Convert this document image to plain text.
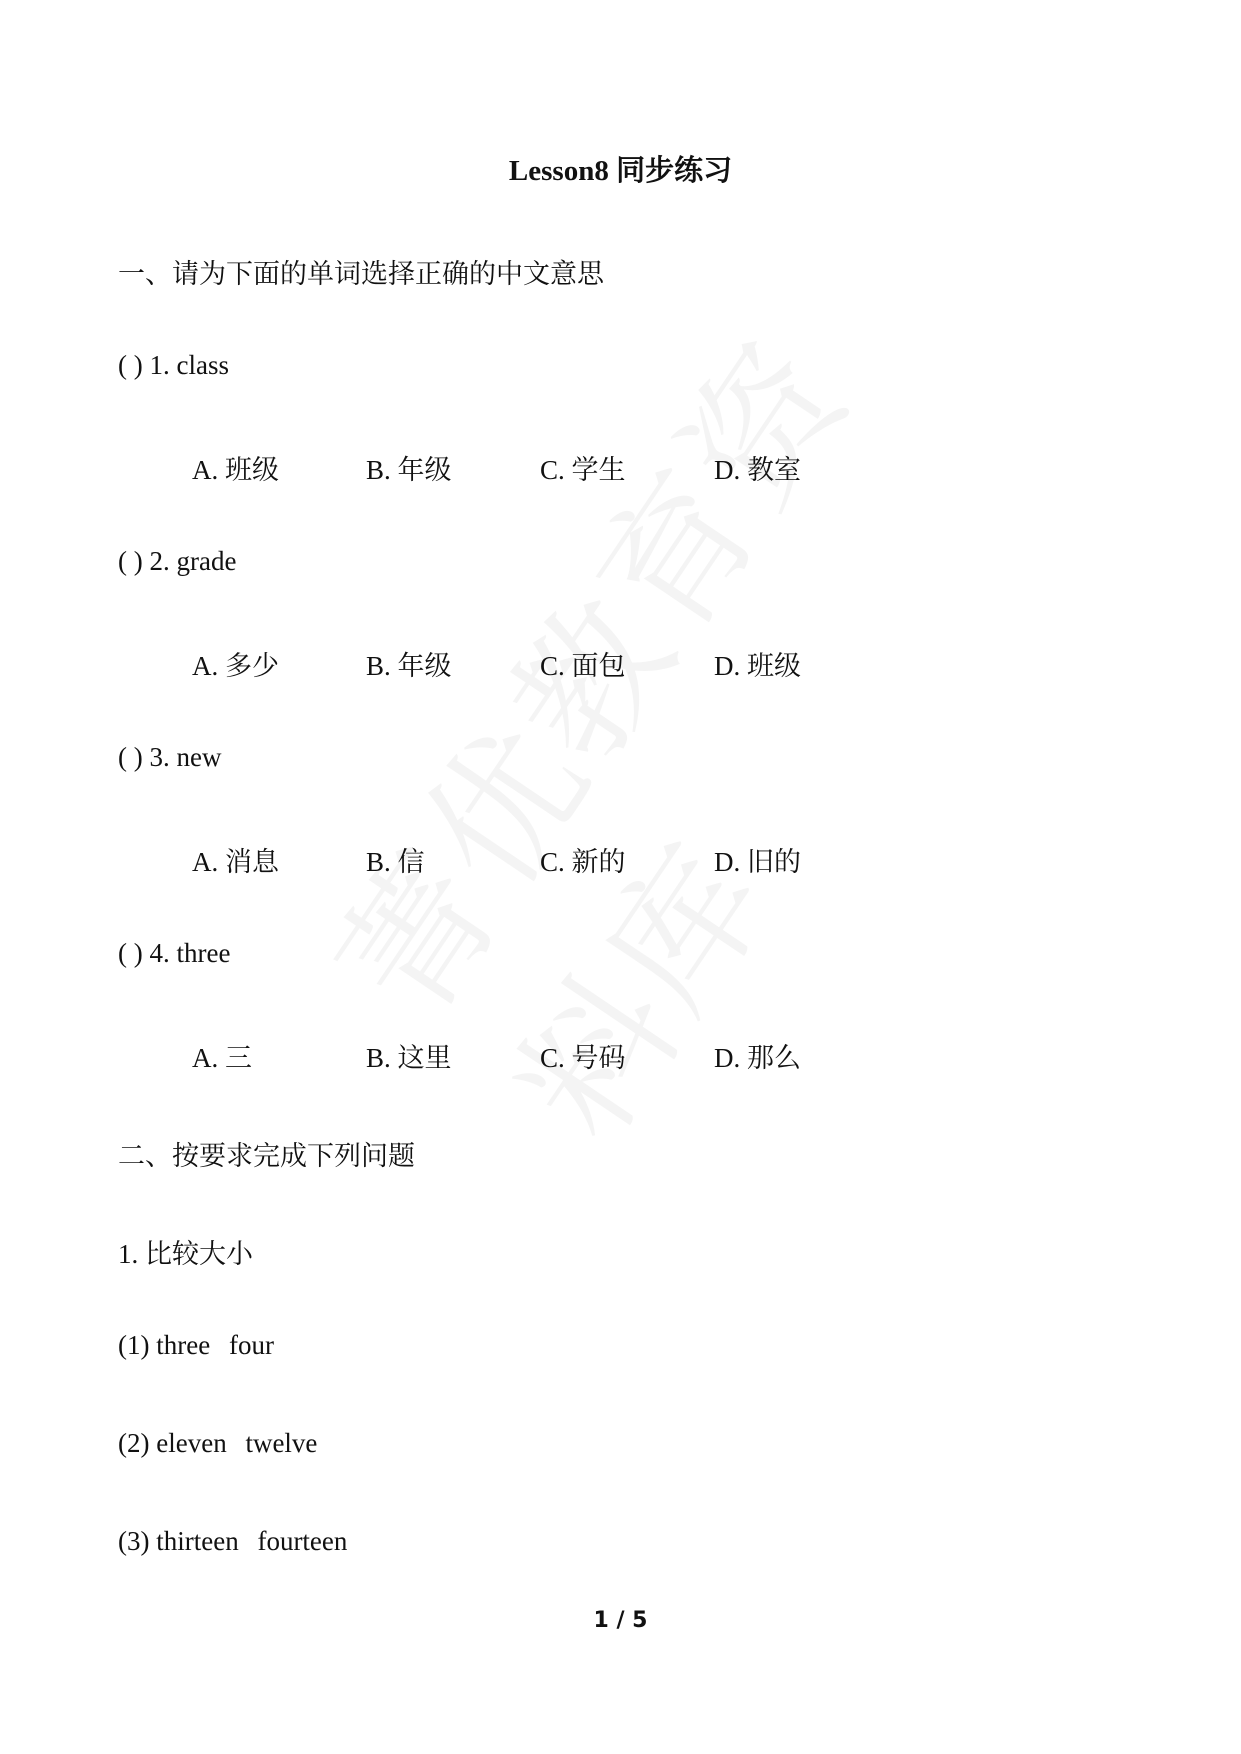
Lesson8 同步练习
一、请为下面的单词选择正确的中文意思
( ) 1. class
A. 班级	B. 年级	C. 学生	D. 教室
( ) 2. grade
A. 多少	B. 年级	C. 面包	D. 班级
( ) 3. new
A. 消息	B. 信	C. 新的	D. 旧的
( ) 4. three
A. 三	B. 这里	C. 号码	D. 那么
二、按要求完成下列问题
1. 比较大小
(1) three four
(2) eleven twelve
(3) thirteen fourteen
1 / 5
